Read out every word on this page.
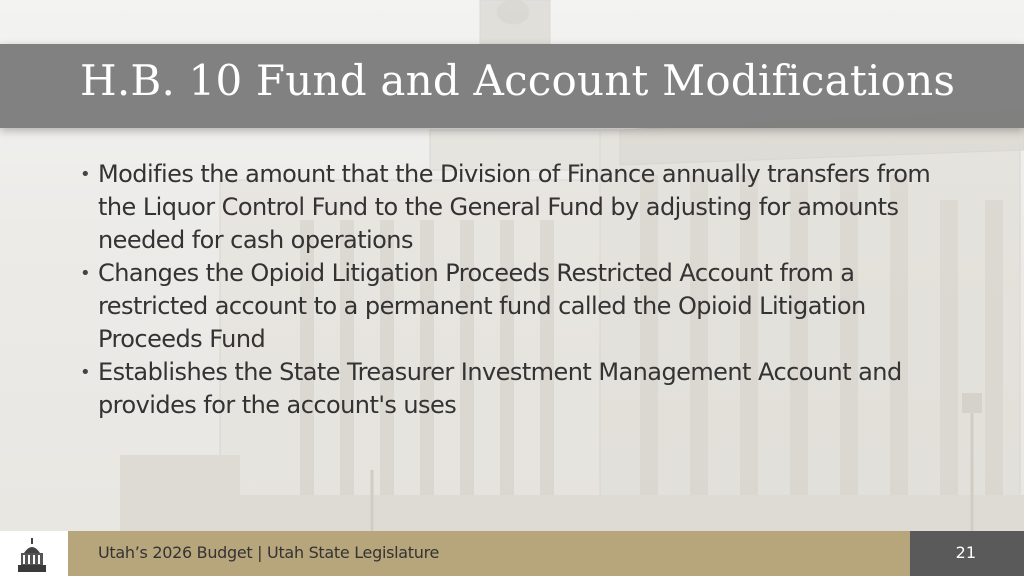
H.B. 10 Fund and Account Modifications
• Modifies the amount that the Division of Finance annually transfers from the Liquor Control Fund to the General Fund by adjusting for amounts needed for cash operations
• Changes the Opioid Litigation Proceeds Restricted Account from a restricted account to a permanent fund called the Opioid Litigation Proceeds Fund
• Establishes the State Treasurer Investment Management Account and provides for the account's uses
Utah’s 2026 Budget | Utah State Legislature	21
